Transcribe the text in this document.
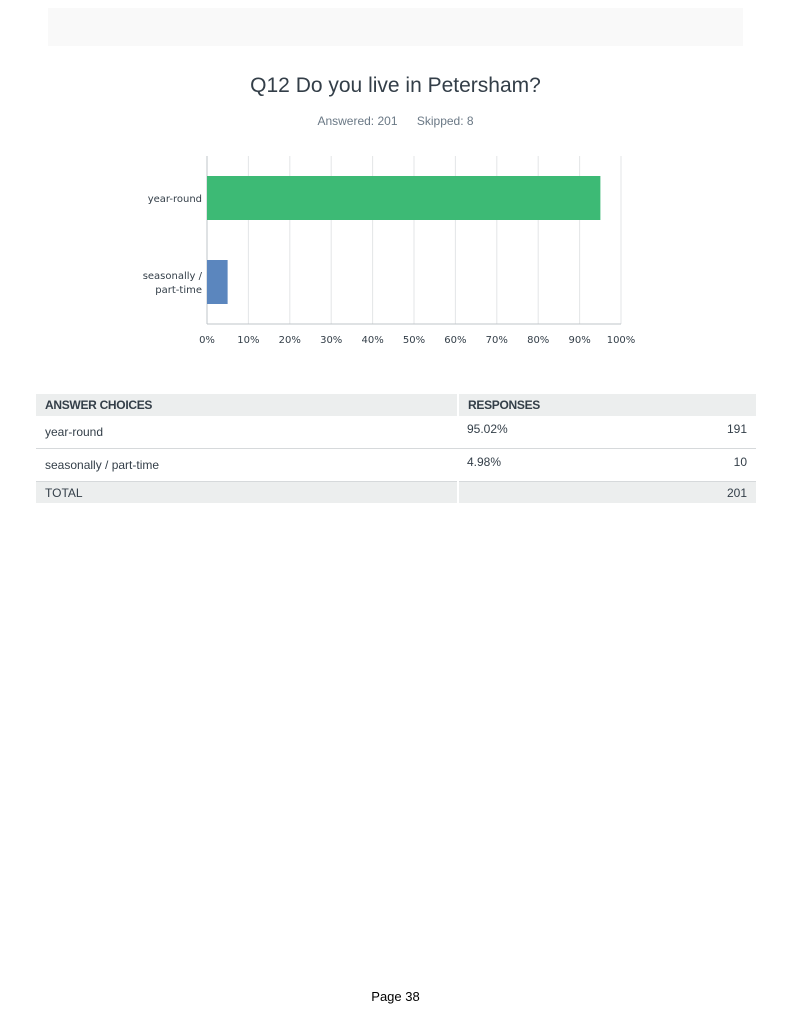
Q12 Do you live in Petersham?
Answered: 201 Skipped: 8
0% 10% 20% 30% 40% 50% 60% 70% 80% 90% 100%
year-round
seasonally /
part-time
ANSWER CHOICES	RESPONSES	
year-round	95.02%	191
seasonally / part-time	4.98%	10
TOTAL		201
Page 38
